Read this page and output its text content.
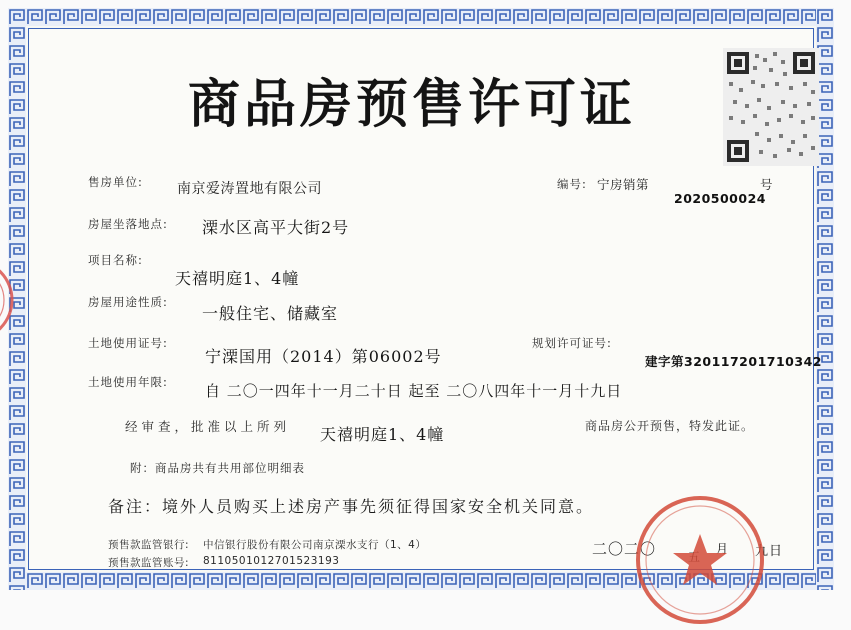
商品房预售许可证
售房单位: 南京爱涛置地有限公司	编号: 宁房销第	号
2020500024
房屋坐落地点: 溧水区高平大街2号
项目名称:
天禧明庭1、4幢
房屋用途性质:
一般住宅、储藏室
土地使用证号:
宁溧国用（2014）第06002号
规划许可证号:
建字第320117201710342
土地使用年限: 自 二〇一四年十一月二十日 起至 二〇八四年十一月十九日
经审查，批准以上所列 天禧明庭1、4幢	商品房公开预售，特发此证。
附：商品房共有共用部位明细表
备注：境外人员购买上述房产事先须征得国家安全机关同意。
预售款监管银行: 中信银行股份有限公司南京溧水支行（1、4）
预售款监管账号: 8110501012701523193
二〇二〇	月 九日
